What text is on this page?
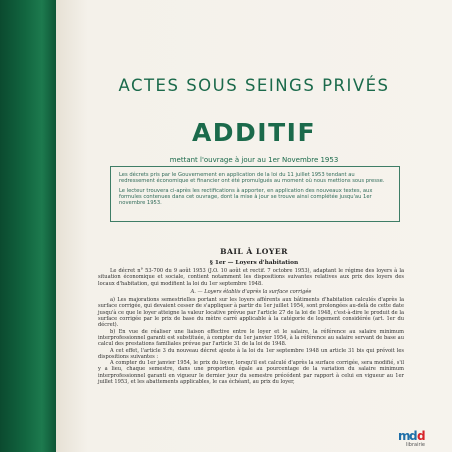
ACTES SOUS SEINGS PRIVÉS
ADDITIF
mettant l'ouvrage à jour au 1er Novembre 1953

Les décrets pris par le Gouvernement en application de la loi du 11 juillet 1953 tendant au redressement économique et financier ont été promulgués au moment où nous mettions sous presse.

Le lecteur trouvera ci-après les rectifications à apporter, en application des nouveaux textes, aux formules contenues dans cet ouvrage, dont la mise à jour se trouve ainsi complétée jusqu'au 1er novembre 1953.

BAIL À LOYER
§ 1er — Loyers d'habitation

Le décret n° 53-700 du 9 août 1953 (J.O. 10 août et rectif. 7 octobre 1953), adaptant le régime des loyers à la situation économique et sociale, contient notamment les dispositions suivantes relatives aux prix des loyers des locaux d'habitation, qui modifient la loi du 1er septembre 1948.

A. — Loyers établis d'après la surface corrigée

a) Les majorations semestrielles portant sur les loyers afférents aux bâtiments d'habitation calculés d'après la surface corrigée, qui devaient cesser de s'appliquer à partir du 1er juillet 1954, sont prolongées au-delà de cette date jusqu'à ce que le loyer atteigne la valeur locative prévue par l'article 27 de la loi de 1948, c'est-à-dire le produit de la surface corrigée par le prix de base du mètre carré applicable à la catégorie de logement considérée (art. 1er du décret).

b) En vue de réaliser une liaison effective entre le loyer et le salaire, la référence au salaire minimum interprofessionnel garanti est substituée, à compter du 1er janvier 1954, à la référence au salaire servant de base au calcul des prestations familiales prévue par l'article 31 de la loi de 1948.

A cet effet, l'article 3 du nouveau décret ajoute à la loi du 1er septembre 1948 un article 31 bis qui prévoit les dispositions suivantes :

A compter du 1er janvier 1954, le prix du loyer, lorsqu'il est calculé d'après la surface corrigée, sera modifié, s'il y a lieu, chaque semestre, dans une proportion égale au pourcentage de la variation du salaire minimum interprofessionnel garanti en vigueur le dernier jour du semestre précédent par rapport à celui en vigueur au 1er juillet 1953, et les abattements applicables, le cas échéant, au prix du loyer,

m
d d
librairie
